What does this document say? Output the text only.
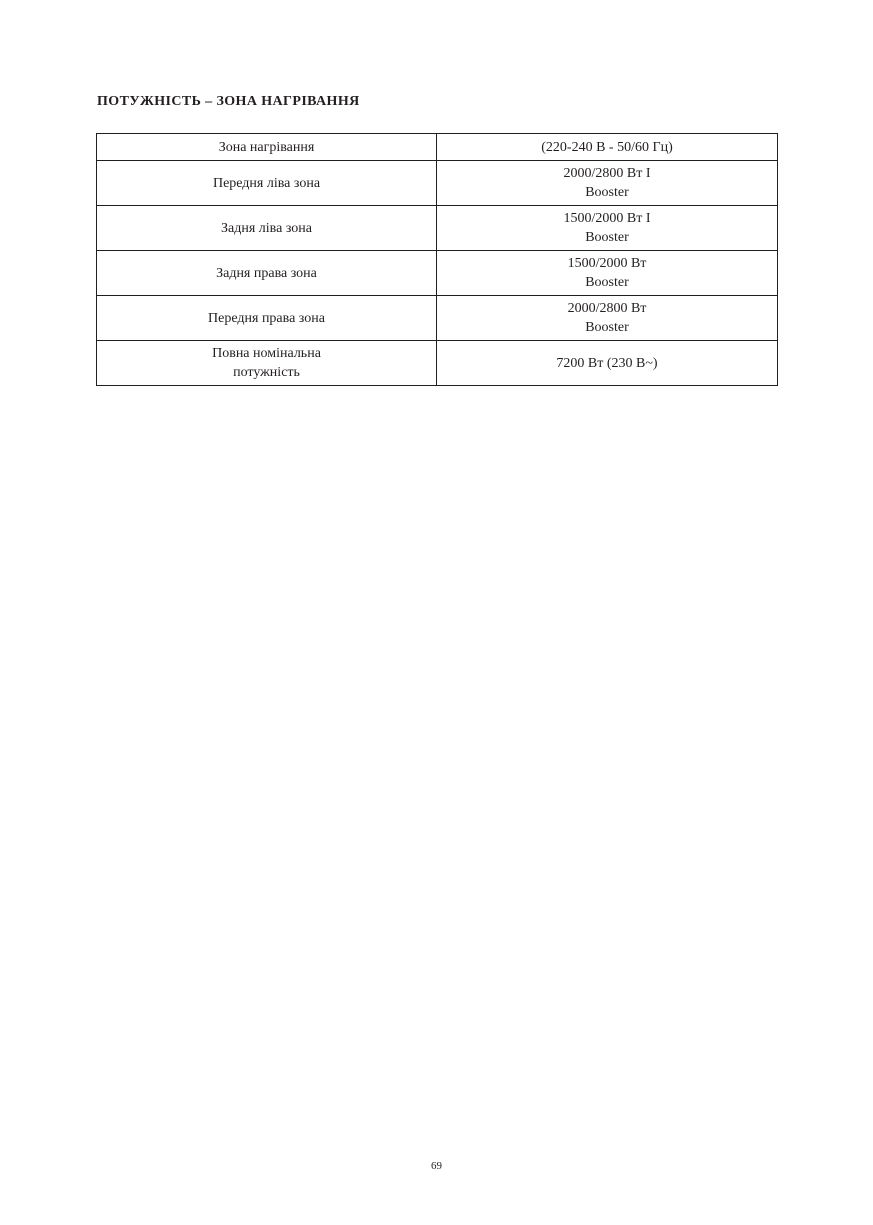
ПОТУЖНІСТЬ – ЗОНА НАГРІВАННЯ
Зона нагрівання	(220-240 В - 50/60 Гц)
Передня ліва зона	2000/2800 Вт І
Booster
Задня ліва зона	1500/2000 Вт І
Booster
Задня права зона	1500/2000 Вт
Booster
Передня права зона	2000/2800 Вт
Booster
Повна номінальна
потужність	7200 Вт (230 В~)
69
